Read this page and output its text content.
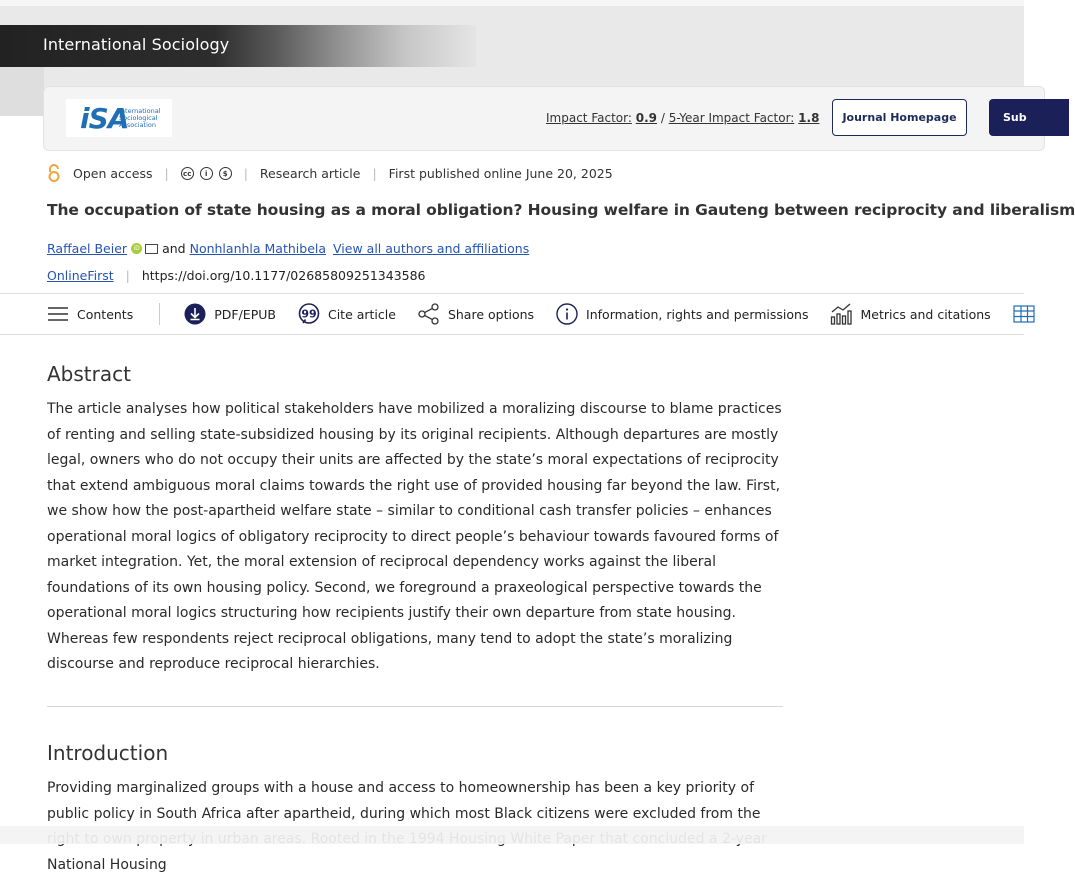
International Sociology
iSA
International Sociological Association	Impact Factor: 0.9 / 5-Year Impact Factor: 1.8	Journal Homepage	Sub
Open access |	cc	i	$	| Research article | First published online June 20, 2025
The occupation of state housing as a moral obligation? Housing welfare in Gauteng between reciprocity and liberalism
Raffael Beier	iD and Nonhlanhla Mathibela View all authors and affiliations
OnlineFirst | https://doi.org/10.1177/02685809251343586
Contents	PDF/EPUB 99 Cite article	Share options	Information, rights and permissions	Metrics and citations
Abstract
The article analyses how political stakeholders have mobilized a moralizing discourse to blame practices of renting and selling state-subsidized housing by its original recipients. Although departures are mostly legal, owners who do not occupy their units are affected by the state’s moral expectations of reciprocity that extend ambiguous moral claims towards the right use of provided housing far beyond the law. First, we show how the post-apartheid welfare state – similar to conditional cash transfer policies – enhances operational moral logics of obligatory reciprocity to direct people’s behaviour towards favoured forms of market integration. Yet, the moral extension of reciprocal dependency works against the liberal foundations of its own housing policy. Second, we foreground a praxeological perspective towards the operational moral logics structuring how recipients justify their own departure from state housing. Whereas few respondents reject reciprocal obligations, many tend to adopt the state’s moralizing discourse and reproduce reciprocal hierarchies.
Introduction
Providing marginalized groups with a house and access to homeownership has been a key priority of public policy in South Africa after apartheid, during which most Black citizens were excluded from the National Housing
